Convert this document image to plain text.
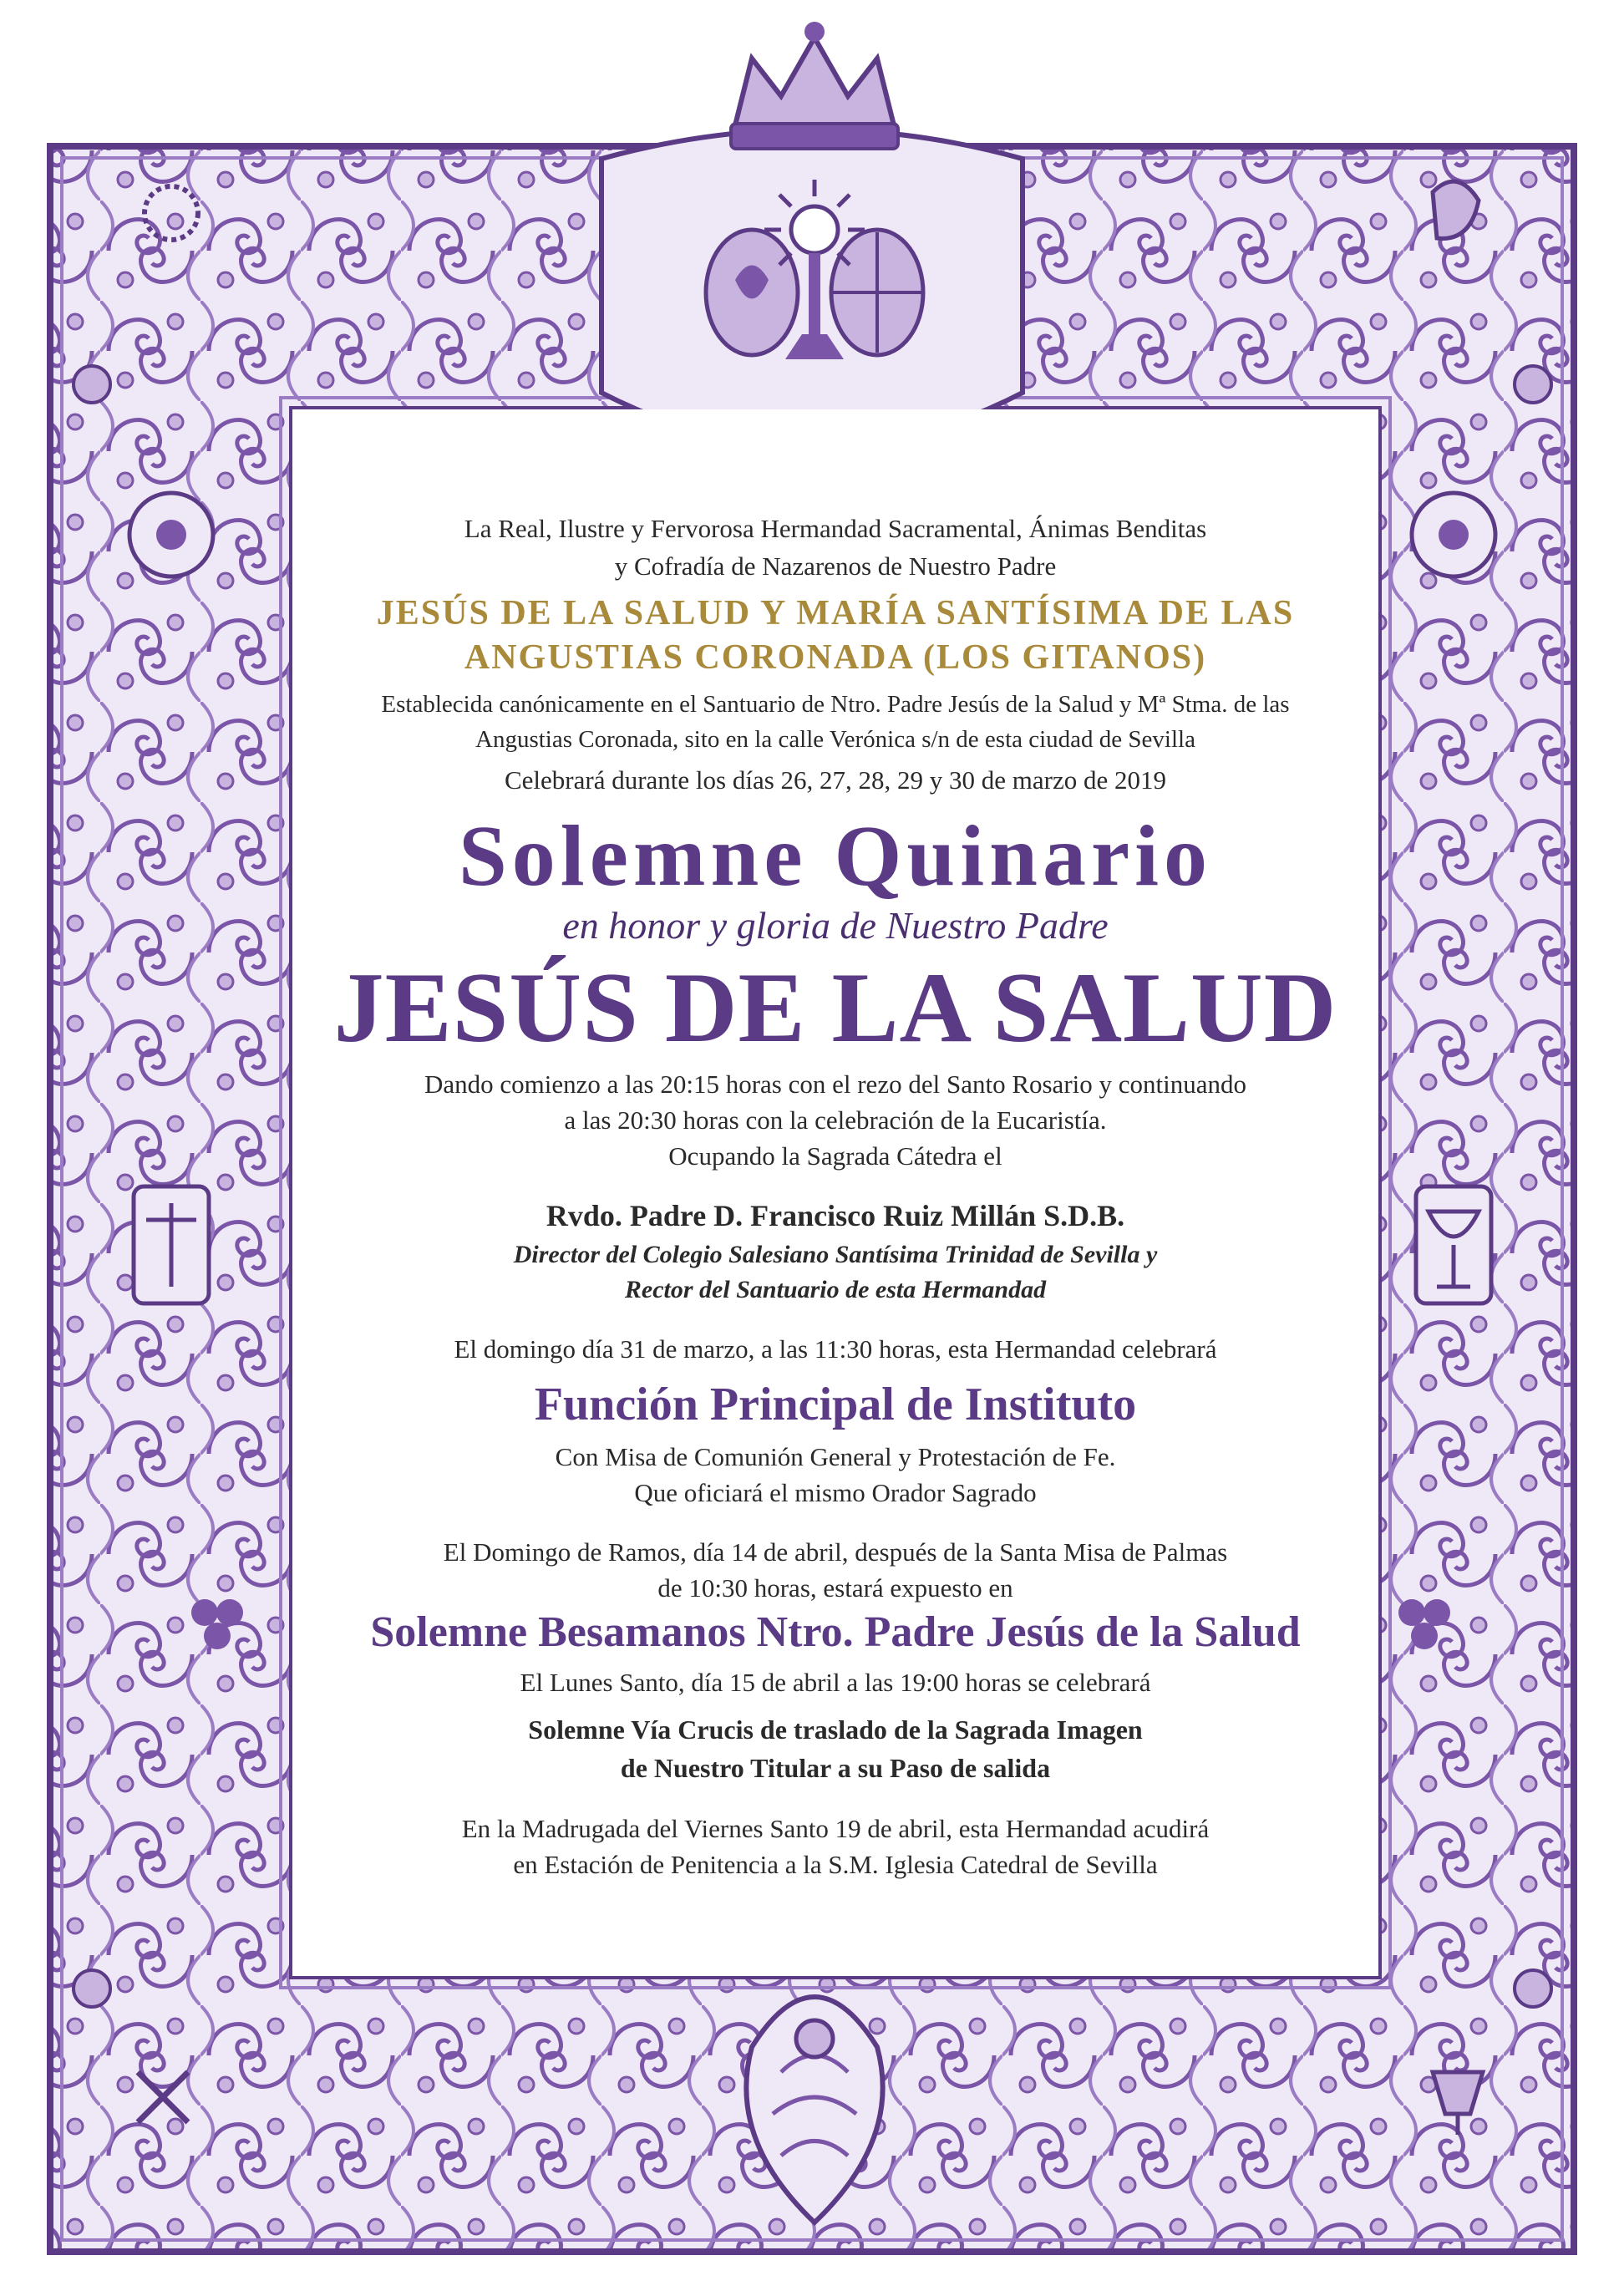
La Real, Ilustre y Fervorosa Hermandad Sacramental, Ánimas Benditas

y Cofradía de Nazarenos de Nuestro Padre

JESÚS DE LA SALUD Y MARÍA SANTÍSIMA DE LAS

ANGUSTIAS CORONADA (LOS GITANOS)

Establecida canónicamente en el Santuario de Ntro. Padre Jesús de la Salud y Mª Stma. de las

Angustias Coronada, sito en la calle Verónica s/n de esta ciudad de Sevilla

Celebrará durante los días 26, 27, 28, 29 y 30 de marzo de 2019

Solemne Quinario

en honor y gloria de Nuestro Padre

JESÚS DE LA SALUD

Dando comienzo a las 20:15 horas con el rezo del Santo Rosario y continuando

a las 20:30 horas con la celebración de la Eucaristía.

Ocupando la Sagrada Cátedra el

Rvdo. Padre D. Francisco Ruiz Millán S.D.B.

Director del Colegio Salesiano Santísima Trinidad de Sevilla y

Rector del Santuario de esta Hermandad

El domingo día 31 de marzo, a las 11:30 horas, esta Hermandad celebrará

Función Principal de Instituto

Con Misa de Comunión General y Protestación de Fe.

Que oficiará el mismo Orador Sagrado

El Domingo de Ramos, día 14 de abril, después de la Santa Misa de Palmas

de 10:30 horas, estará expuesto en

Solemne Besamanos Ntro. Padre Jesús de la Salud

El Lunes Santo, día 15 de abril a las 19:00 horas se celebrará

Solemne Vía Crucis de traslado de la Sagrada Imagen

de Nuestro Titular a su Paso de salida

En la Madrugada del Viernes Santo 19 de abril, esta Hermandad acudirá

en Estación de Penitencia a la S.M. Iglesia Catedral de Sevilla
